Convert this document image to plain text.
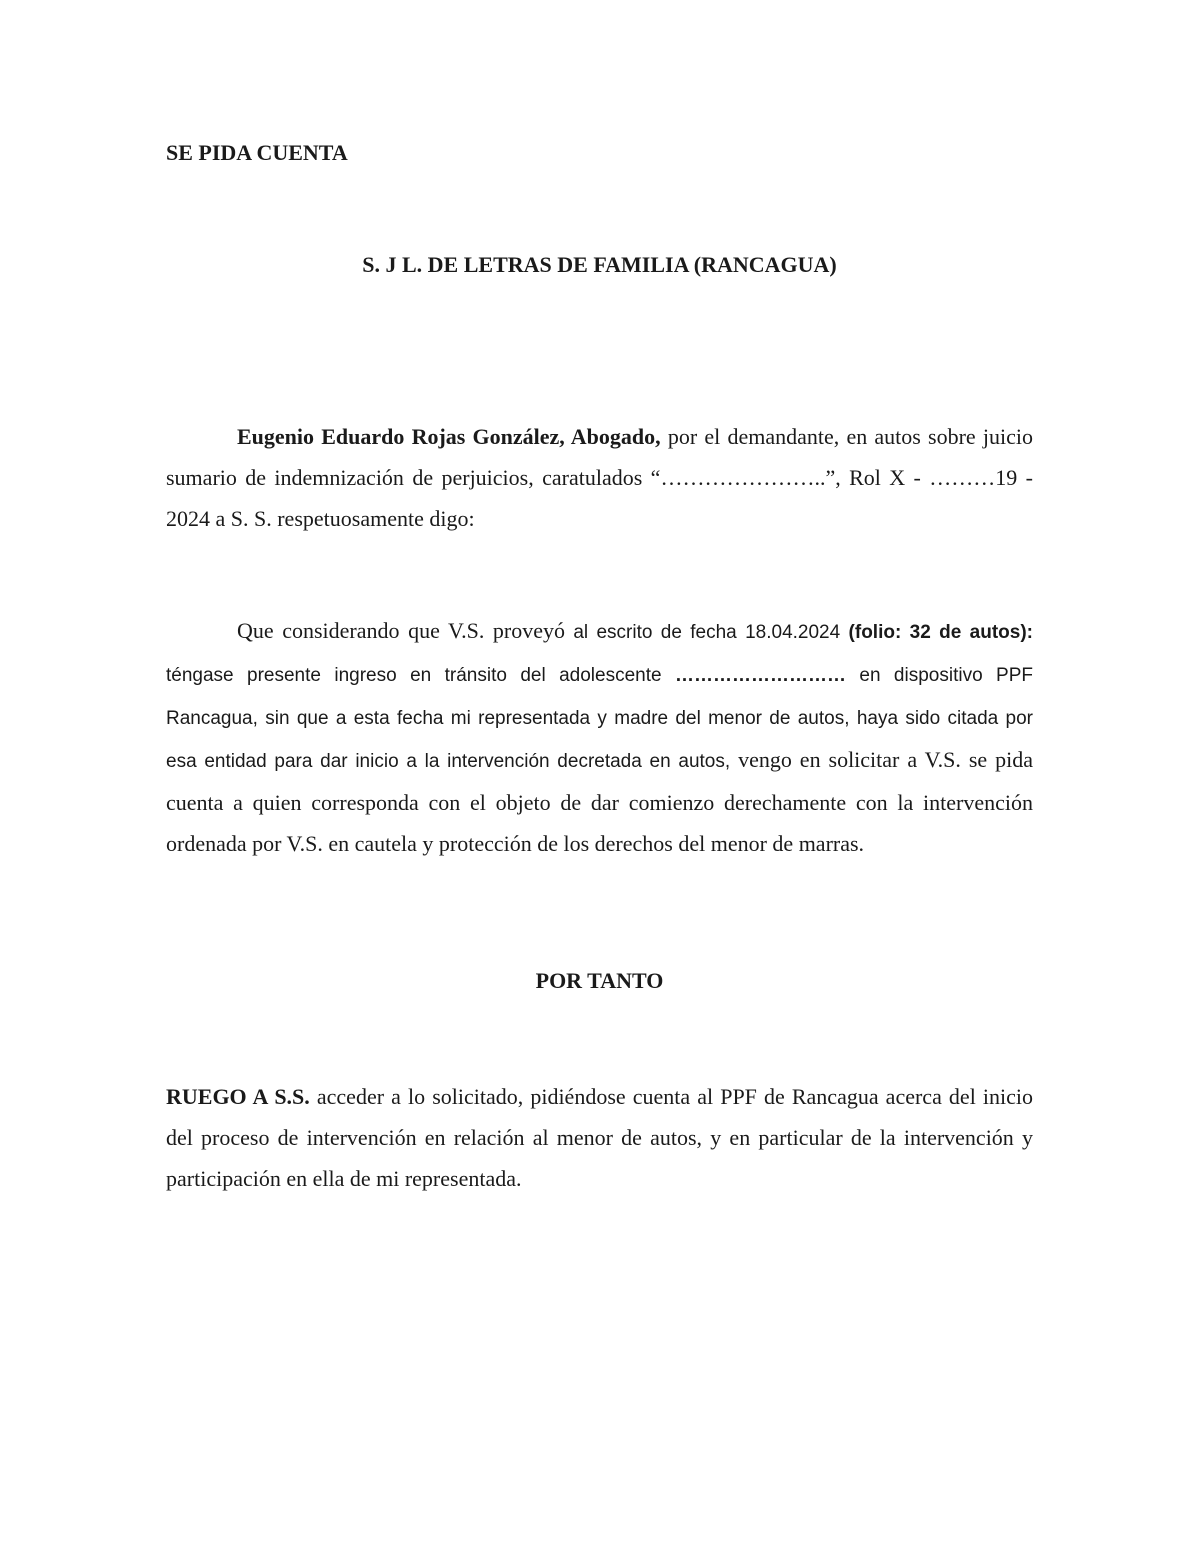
SE PIDA CUENTA
S. J L. DE LETRAS DE FAMILIA (RANCAGUA)
Eugenio Eduardo Rojas González, Abogado, por el demandante, en autos sobre juicio sumario de indemnización de perjuicios, caratulados “…………………..”, Rol X - ………19 - 2024 a S. S. respetuosamente digo:
Que considerando que V.S. proveyó al escrito de fecha 18.04.2024 (folio: 32 de autos): téngase presente ingreso en tránsito del adolescente ……………………… en dispositivo PPF Rancagua, sin que a esta fecha mi representada y madre del menor de autos, haya sido citada por esa entidad para dar inicio a la intervención decretada en autos, vengo en solicitar a V.S. se pida cuenta a quien corresponda con el objeto de dar comienzo derechamente con la intervención ordenada por V.S. en cautela y protección de los derechos del menor de marras.
POR TANTO
RUEGO A S.S. acceder a lo solicitado, pidiéndose cuenta al PPF de Rancagua acerca del inicio del proceso de intervención en relación al menor de autos, y en particular de la intervención y participación en ella de mi representada.
